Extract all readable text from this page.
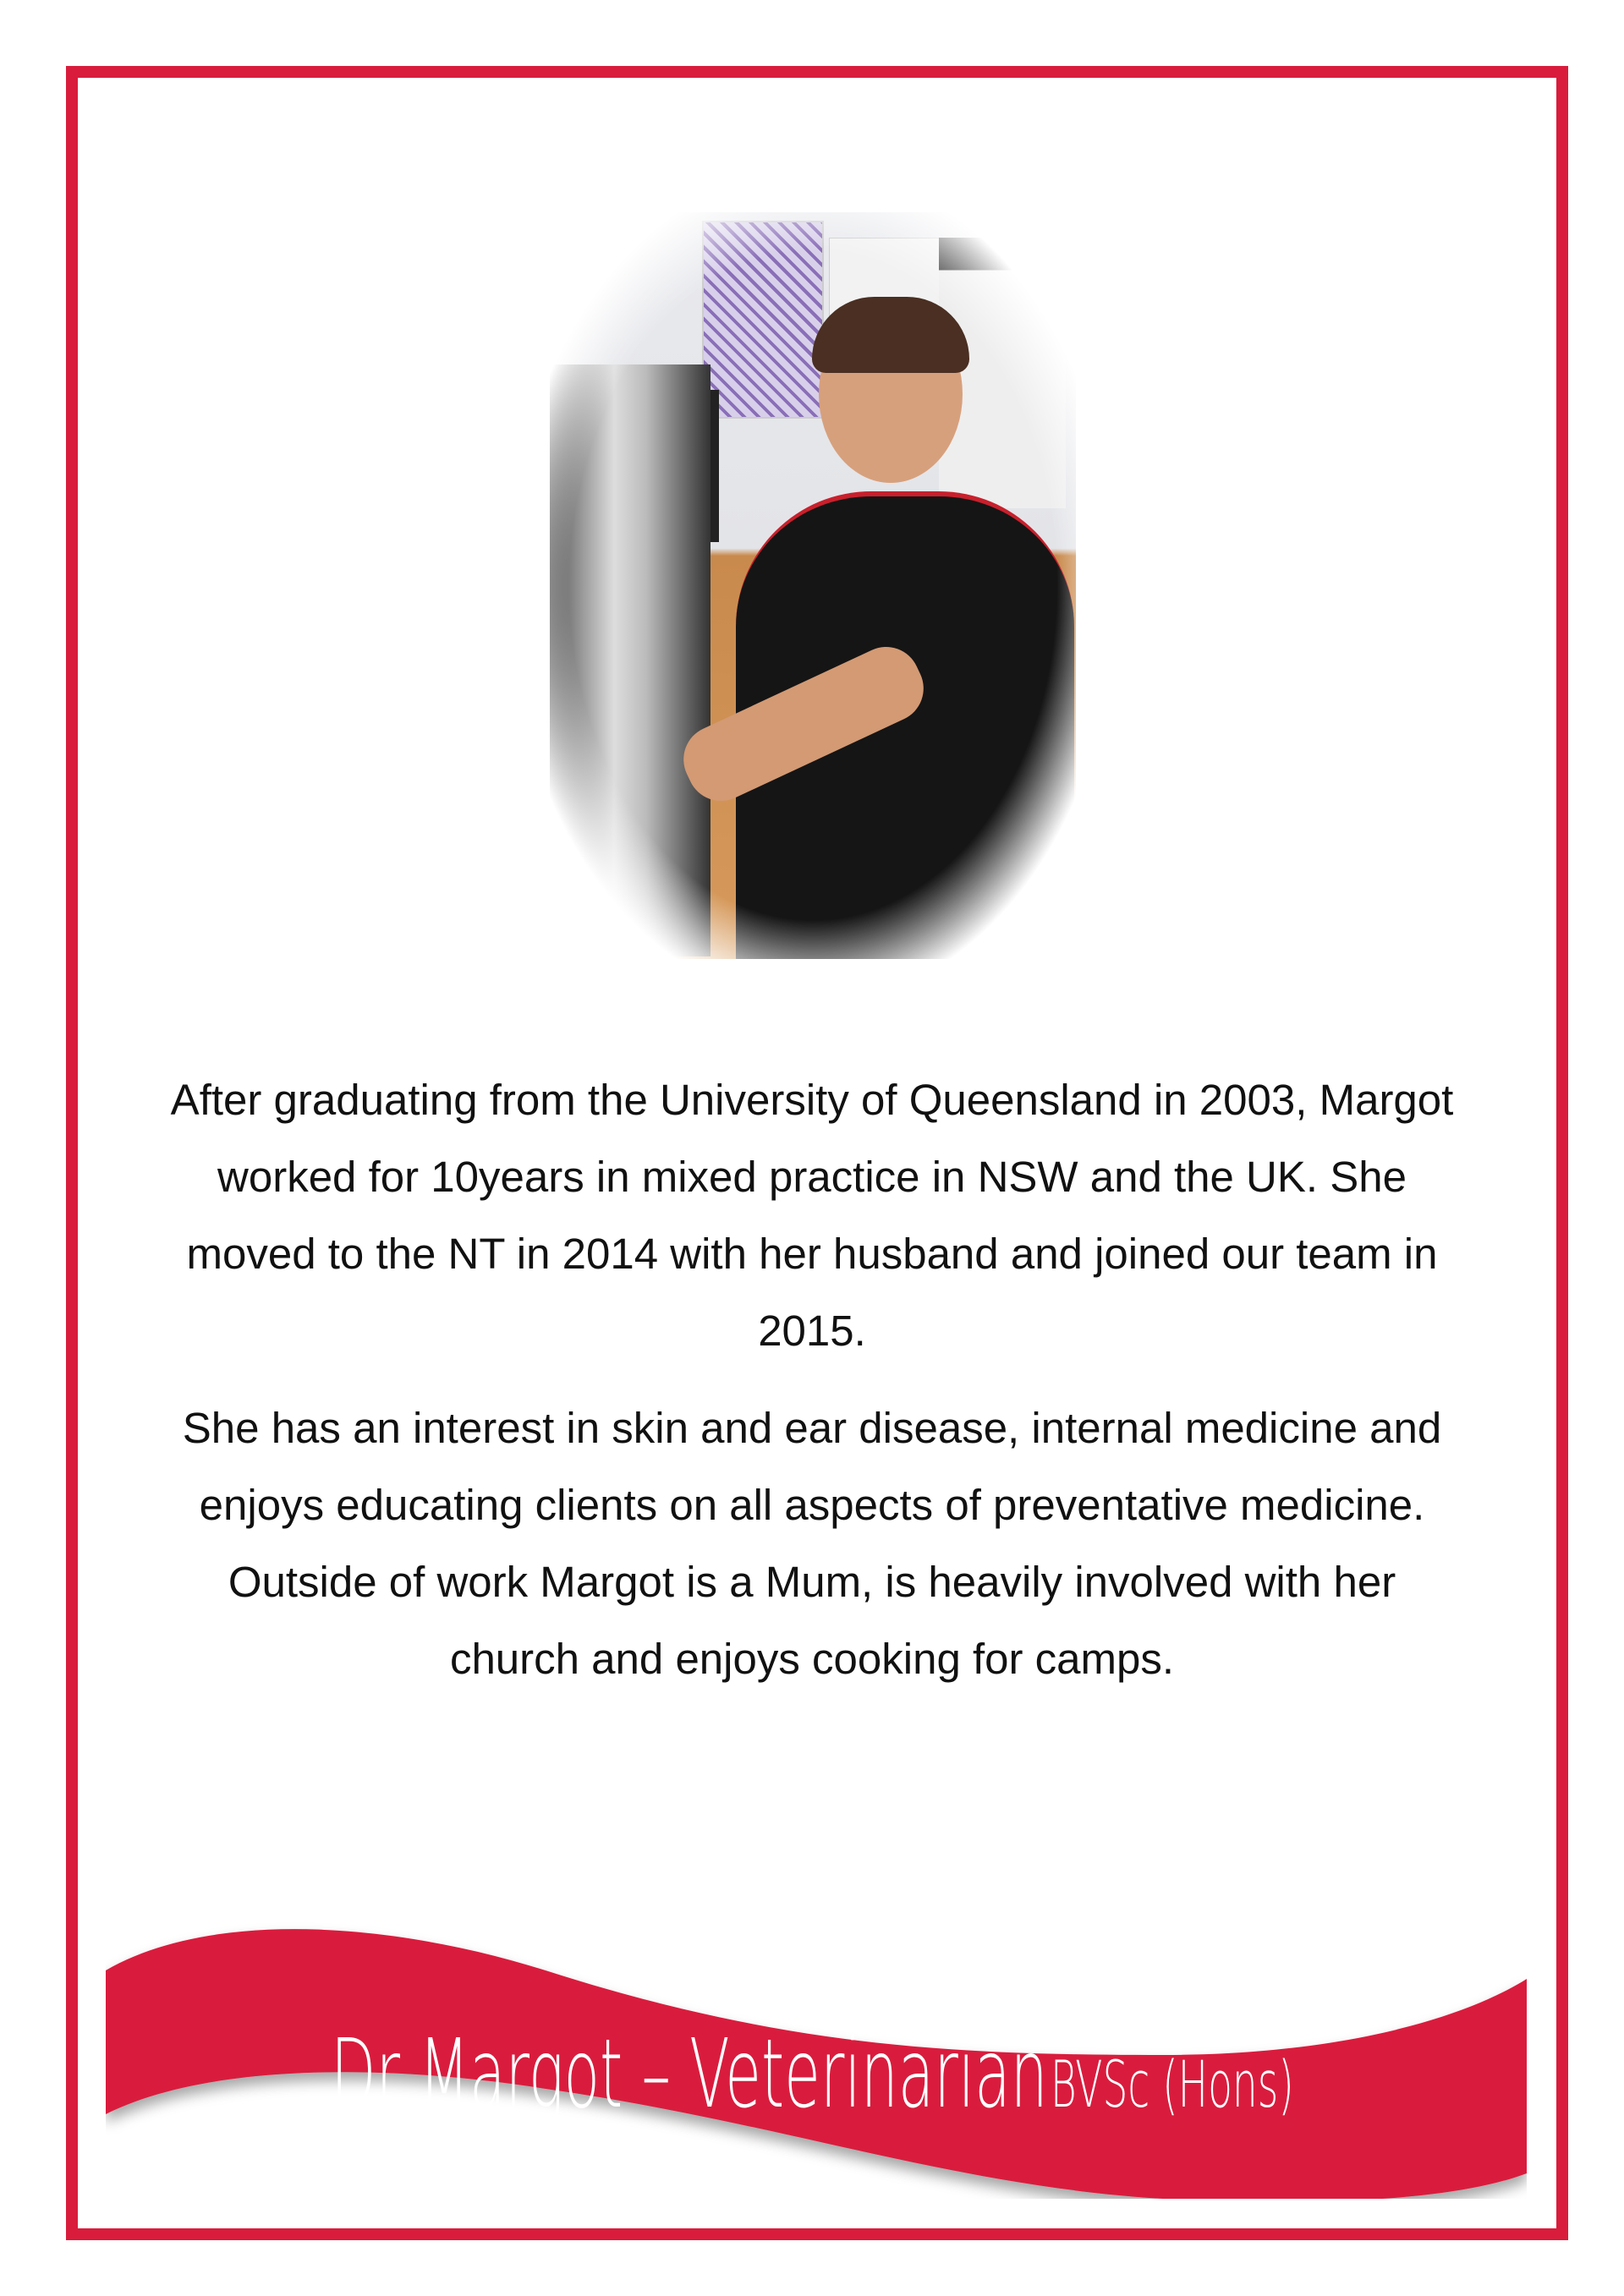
After graduating from the University of Queensland in 2003, Margot worked for 10years in mixed practice in NSW and the UK. She moved to the NT in 2014 with her husband and joined our team in 2015.

She has an interest in skin and ear disease, internal medicine and enjoys educating clients on all aspects of preventative medicine. Outside of work Margot is a Mum, is heavily involved with her church and enjoys cooking for camps.

Dr Margot – Veterinarian BVSc (Hons)
